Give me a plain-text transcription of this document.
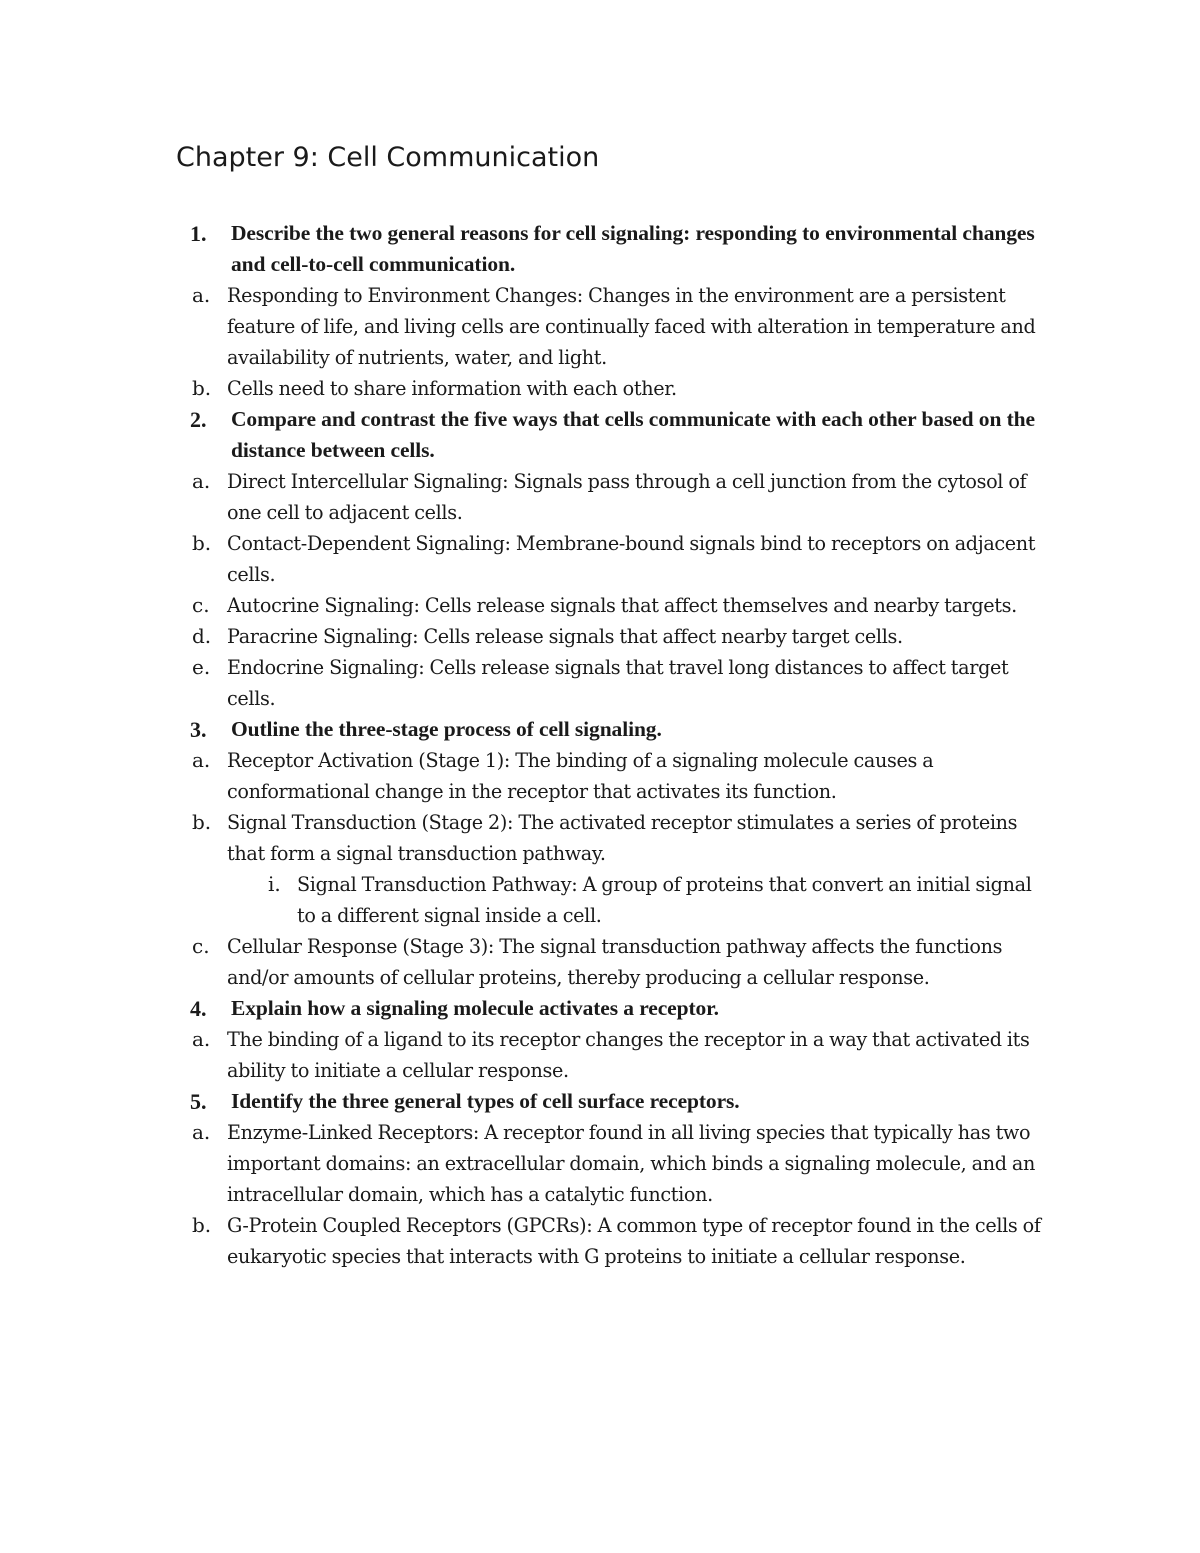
Chapter 9: Cell Communication
1. Describe the two general reasons for cell signaling: responding to environmental changes and cell-to-cell communication.
a. Responding to Environment Changes: Changes in the environment are a persistent feature of life, and living cells are continually faced with alteration in temperature and availability of nutrients, water, and light.
b. Cells need to share information with each other.
2. Compare and contrast the five ways that cells communicate with each other based on the distance between cells.
a. Direct Intercellular Signaling: Signals pass through a cell junction from the cytosol of one cell to adjacent cells.
b. Contact-Dependent Signaling: Membrane-bound signals bind to receptors on adjacent cells.
c. Autocrine Signaling: Cells release signals that affect themselves and nearby targets.
d. Paracrine Signaling: Cells release signals that affect nearby target cells.
e. Endocrine Signaling: Cells release signals that travel long distances to affect target cells.
3. Outline the three-stage process of cell signaling.
a. Receptor Activation (Stage 1): The binding of a signaling molecule causes a conformational change in the receptor that activates its function.
b. Signal Transduction (Stage 2): The activated receptor stimulates a series of proteins that form a signal transduction pathway.
i. Signal Transduction Pathway: A group of proteins that convert an initial signal to a different signal inside a cell.
c. Cellular Response (Stage 3): The signal transduction pathway affects the functions and/or amounts of cellular proteins, thereby producing a cellular response.
4. Explain how a signaling molecule activates a receptor.
a. The binding of a ligand to its receptor changes the receptor in a way that activated its ability to initiate a cellular response.
5. Identify the three general types of cell surface receptors.
a. Enzyme-Linked Receptors: A receptor found in all living species that typically has two important domains: an extracellular domain, which binds a signaling molecule, and an intracellular domain, which has a catalytic function.
b. G-Protein Coupled Receptors (GPCRs): A common type of receptor found in the cells of eukaryotic species that interacts with G proteins to initiate a cellular response.
